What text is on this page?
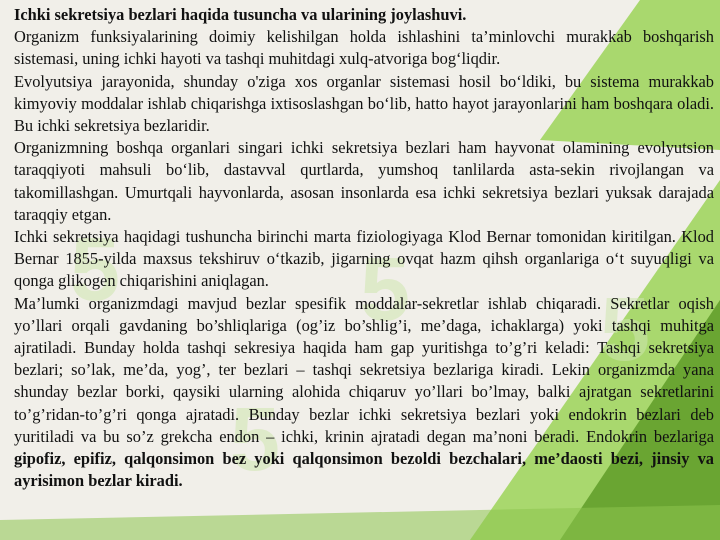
5	5 5
5

Ichki sekretsiya bezlari haqida tusuncha va ularining joylashuvi.

Organizm funksiyalarining doimiy kelishilgan holda ishlashini ta’minlovchi murakkab boshqarish sistemasi, uning ichki hayoti va tashqi muhitdagi xulq-atvoriga bog‘liqdir.

Evolyutsiya jarayonida, shunday o'ziga xos organlar sistemasi hosil bo‘ldiki, bu sistema murakkab kimyoviy moddalar ishlab chiqarishga ixtisoslashgan bo‘lib, hatto hayot jarayonlarini ham boshqara oladi. Bu ichki sekretsiya bezlaridir.

Organizmning boshqa organlari singari ichki sekretsiya bezlari ham hayvonat olamining evolyutsion taraqqiyoti mahsuli bo‘lib, dastavval qurtlarda, yumshoq tanlilarda asta-sekin rivojlangan va takomillashgan. Umurtqali hayvonlarda, asosan insonlarda esa ichki sekretsiya bezlari yuksak darajada taraqqiy etgan.

Ichki sekretsiya haqidagi tushuncha birinchi marta fiziologiyaga Klod Bernar tomonidan kiritilgan. Klod Bernar 1855-yilda maxsus tekshiruv o‘tkazib, jigarning ovqat hazm qihsh organlariga o‘t suyuqligi va qonga glikogen chiqarishini aniqlagan.

Ma’lumki organizmdagi mavjud bezlar spesifik moddalar-sekretlar ishlab chiqaradi. Sekretlar oqish yo’llari orqali gavdaning bo’shliqlariga (og’iz bo’shlig’i, me’daga, ichaklarga) yoki tashqi muhitga ajratiladi. Bunday holda tashqi sekresiya haqida ham gap yuritishga to’g’ri keladi: Tashqi sekretsiya bezlari; so’lak, me’da, yog’, ter bezlari – tashqi sekretsiya bezlariga kiradi. Lekin organizmda yana shunday bezlar borki, qaysiki ularning alohida chiqaruv yo’llari bo’lmay, balki ajratgan sekretlarini to’g’ridan-to’g’ri qonga ajratadi. Bunday bezlar ichki sekretsiya bezlari yoki endokrin bezlari deb yuritiladi va bu so’z grekcha endon – ichki, krinin ajratadi degan ma’noni beradi. Endokrin bezlariga gipofiz, epifiz, qalqonsimon bez yoki qalqonsimon bezoldi bezchalari, me’daosti bezi, jinsiy va ayrisimon bezlar kiradi.
